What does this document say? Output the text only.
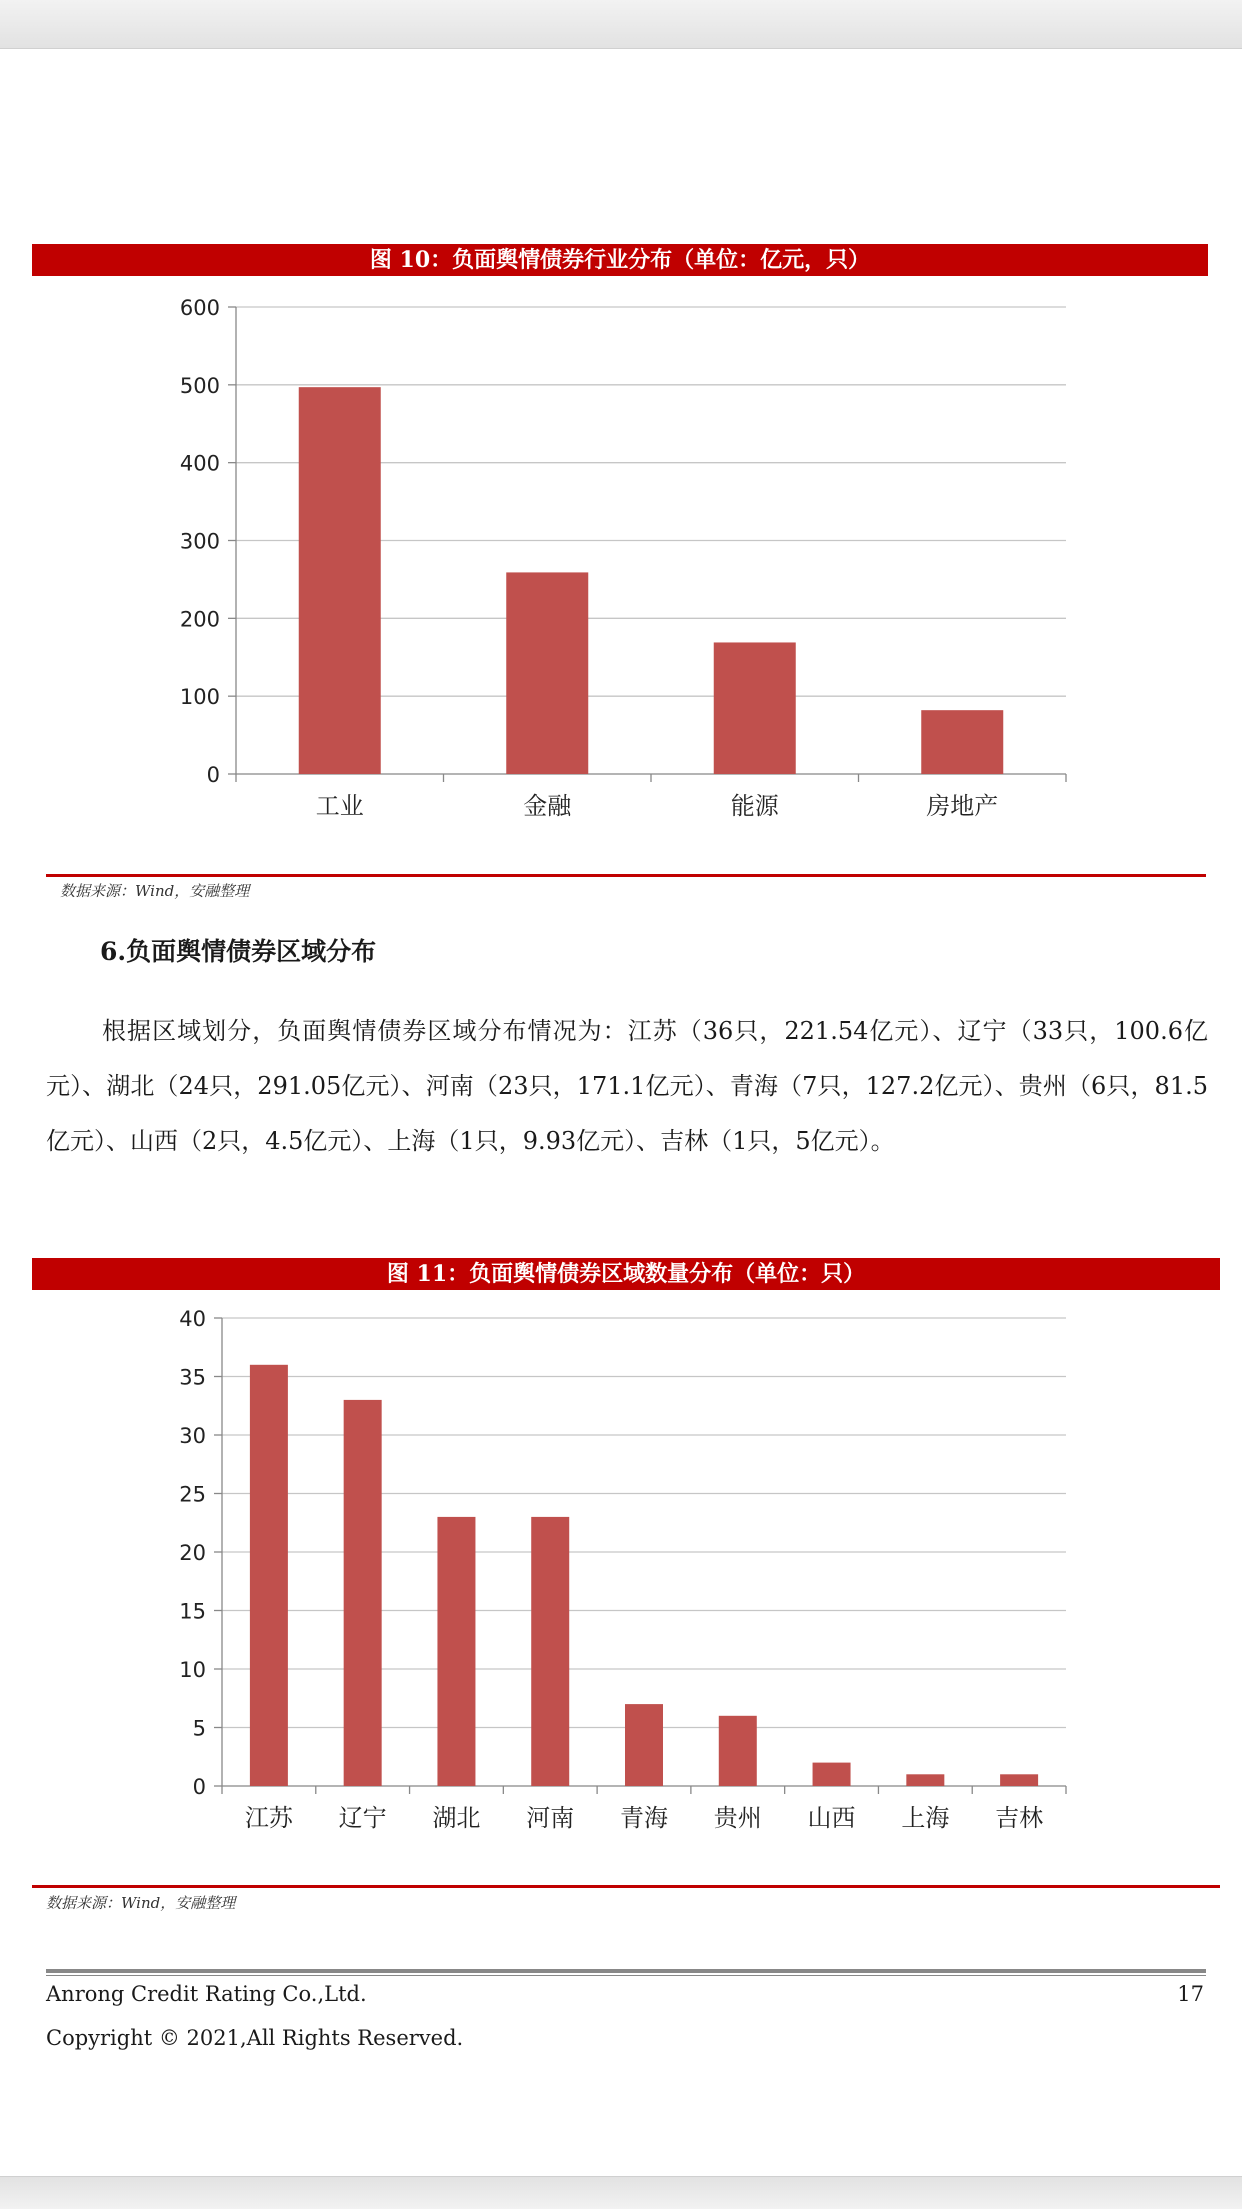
图 10：负面舆情债券行业分布（单位：亿元，只）
0
100
200
300
400
500
600
工业	金融	能源	房地产
数据来源：Wind，安融整理
6.负面舆情债券区域分布
根据区域划分，负面舆情债券区域分布情况为：江苏（36只，221.54亿元）、辽宁（33只，100.6亿元）、湖北（24只，291.05亿元）、河南（23只，171.1亿元）、青海（7只，127.2亿元）、贵州（6只，81.5亿元）、山西（2只，4.5亿元）、上海（1只，9.93亿元）、吉林（1只，5亿元）。
图 11：负面舆情债券区域数量分布（单位：只）
0
5
10
15
20
25
30
35
40
江苏 辽宁 湖北 河南 青海 贵州 山西 上海 吉林
数据来源：Wind，安融整理
Anrong Credit Rating Co.,Ltd.	17
Copyright © 2021,All Rights Reserved.
